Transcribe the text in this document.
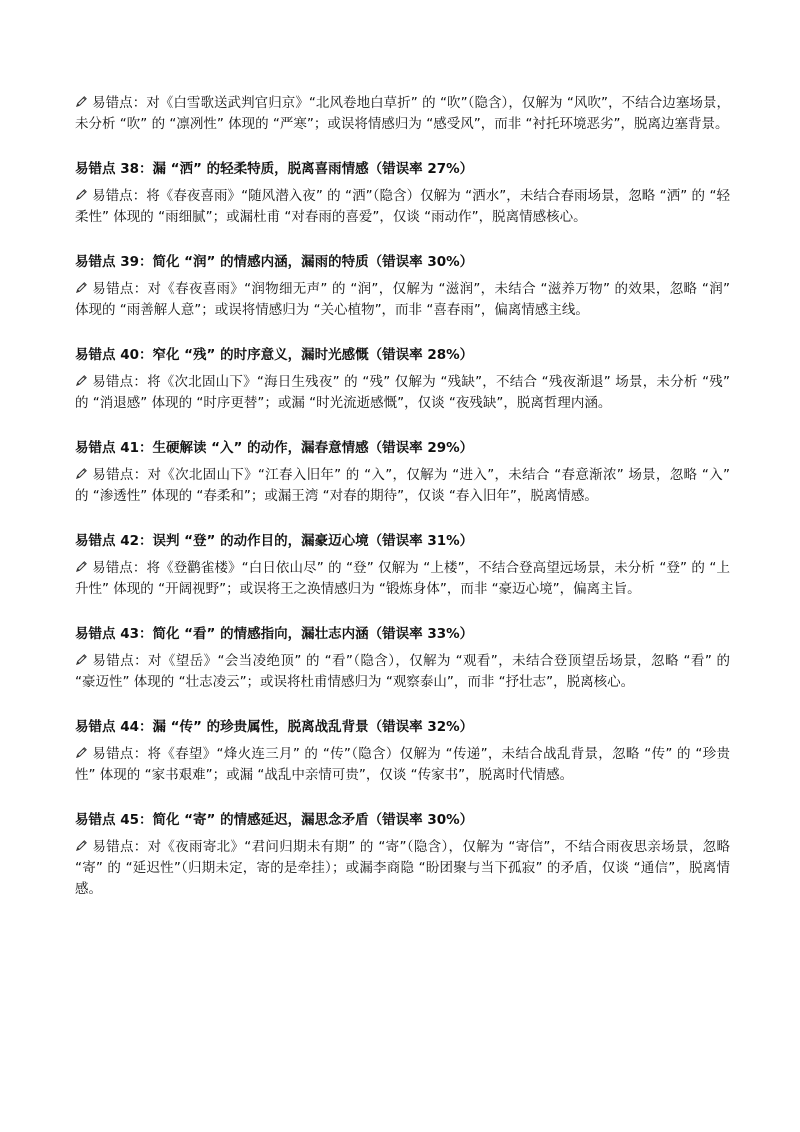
易错点：对《白雪歌送武判官归京》“北风卷地白草折” 的 “吹”（隐含），仅解为 “风吹”，不结合边塞场景，未分析 “吹” 的 “凛冽性” 体现的 “严寒”；或误将情感归为 “感受风”，而非 “衬托环境恶劣”，脱离边塞背景。

易错点 38：漏 “洒” 的轻柔特质，脱离喜雨情感（错误率 27%）

易错点：将《春夜喜雨》“随风潜入夜” 的 “洒”（隐含）仅解为 “洒水”，未结合春雨场景，忽略 “洒” 的 “轻柔性” 体现的 “雨细腻”；或漏杜甫 “对春雨的喜爱”，仅谈 “雨动作”，脱离情感核心。

易错点 39：简化 “润” 的情感内涵，漏雨的特质（错误率 30%）

易错点：对《春夜喜雨》“润物细无声” 的 “润”，仅解为 “滋润”，未结合 “滋养万物” 的效果，忽略 “润” 体现的 “雨善解人意”；或误将情感归为 “关心植物”，而非 “喜春雨”，偏离情感主线。

易错点 40：窄化 “残” 的时序意义，漏时光感慨（错误率 28%）

易错点：将《次北固山下》“海日生残夜” 的 “残” 仅解为 “残缺”，不结合 “残夜渐退” 场景，未分析 “残” 的 “消退感” 体现的 “时序更替”；或漏 “时光流逝感慨”，仅谈 “夜残缺”，脱离哲理内涵。

易错点 41：生硬解读 “入” 的动作，漏春意情感（错误率 29%）

易错点：对《次北固山下》“江春入旧年” 的 “入”，仅解为 “进入”，未结合 “春意渐浓” 场景，忽略 “入” 的 “渗透性” 体现的 “春柔和”；或漏王湾 “对春的期待”，仅谈 “春入旧年”，脱离情感。

易错点 42：误判 “登” 的动作目的，漏豪迈心境（错误率 31%）

易错点：将《登鹳雀楼》“白日依山尽” 的 “登” 仅解为 “上楼”，不结合登高望远场景，未分析 “登” 的 “上升性” 体现的 “开阔视野”；或误将王之涣情感归为 “锻炼身体”，而非 “豪迈心境”，偏离主旨。

易错点 43：简化 “看” 的情感指向，漏壮志内涵（错误率 33%）

易错点：对《望岳》“会当凌绝顶” 的 “看”（隐含），仅解为 “观看”，未结合登顶望岳场景，忽略 “看” 的 “豪迈性” 体现的 “壮志凌云”；或误将杜甫情感归为 “观察泰山”，而非 “抒壮志”，脱离核心。

易错点 44：漏 “传” 的珍贵属性，脱离战乱背景（错误率 32%）

易错点：将《春望》“烽火连三月” 的 “传”（隐含）仅解为 “传递”，未结合战乱背景，忽略 “传” 的 “珍贵性” 体现的 “家书艰难”；或漏 “战乱中亲情可贵”，仅谈 “传家书”，脱离时代情感。

易错点 45：简化 “寄” 的情感延迟，漏思念矛盾（错误率 30%）

易错点：对《夜雨寄北》“君问归期未有期” 的 “寄”（隐含），仅解为 “寄信”，不结合雨夜思亲场景，忽略 “寄” 的 “延迟性”（归期未定，寄的是牵挂）；或漏李商隐 “盼团聚与当下孤寂” 的矛盾，仅谈 “通信”，脱离情感。
